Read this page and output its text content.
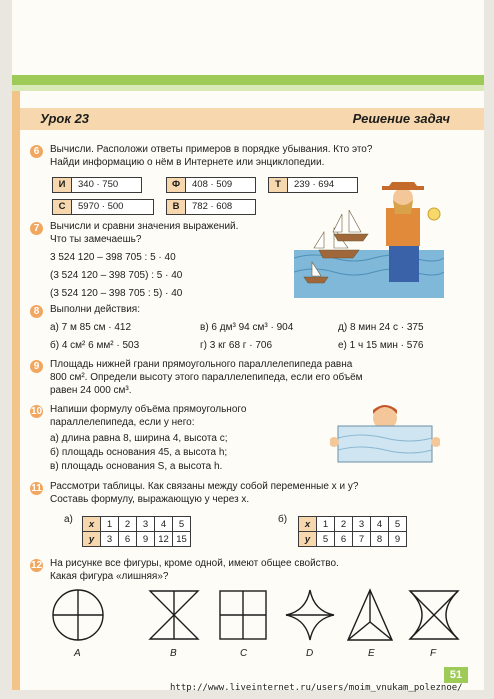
Урок 23	Решение задач
6	Вычисли. Расположи ответы примеров в порядке убывания. Кто это?
Найди информацию о нём в Интернете или энциклопедии.
И 340 · 750	Ф 408 · 509	Т 239 · 694
С 5970 · 500	В 782 · 608
7	Вычисли и сравни значения выражений.
Что ты замечаешь?
3 524 120 – 398 705 : 5 · 40
(3 524 120 – 398 705) : 5 · 40
(3 524 120 – 398 705 : 5) · 40
8	Выполни действия:
а) 7 м 85 см · 412	в) 6 дм³ 94 см³ · 904	д) 8 мин 24 с · 375
б) 4 см² 6 мм² · 503	г) 3 кг 68 г · 706	е) 1 ч 15 мин · 576
9	Площадь нижней грани прямоугольного параллелепипеда равна
800 см². Определи высоту этого параллелепипеда, если его объём
равен 24 000 см³.
10 Напиши формулу объёма прямоугольного
параллелепипеда, если у него:
а) длина равна 8, ширина 4, высота c;
б) площадь основания 45, а высота h;
в) площадь основания S, а высота h.
11 Рассмотри таблицы. Как связаны между собой переменные x и y?
Составь формулу, выражающую y через x.
а)	б)
x	1	2	3	4	5
y	3	6	9	12	15
x	1	2	3	4	5
y	5	6	7	8	9
12 На рисунке все фигуры, кроме одной, имеют общее свойство.
Какая фигура «лишняя»?
A	B	C	D	E	F
51
http://www.liveinternet.ru/users/moim_vnukam_poleznoe/
